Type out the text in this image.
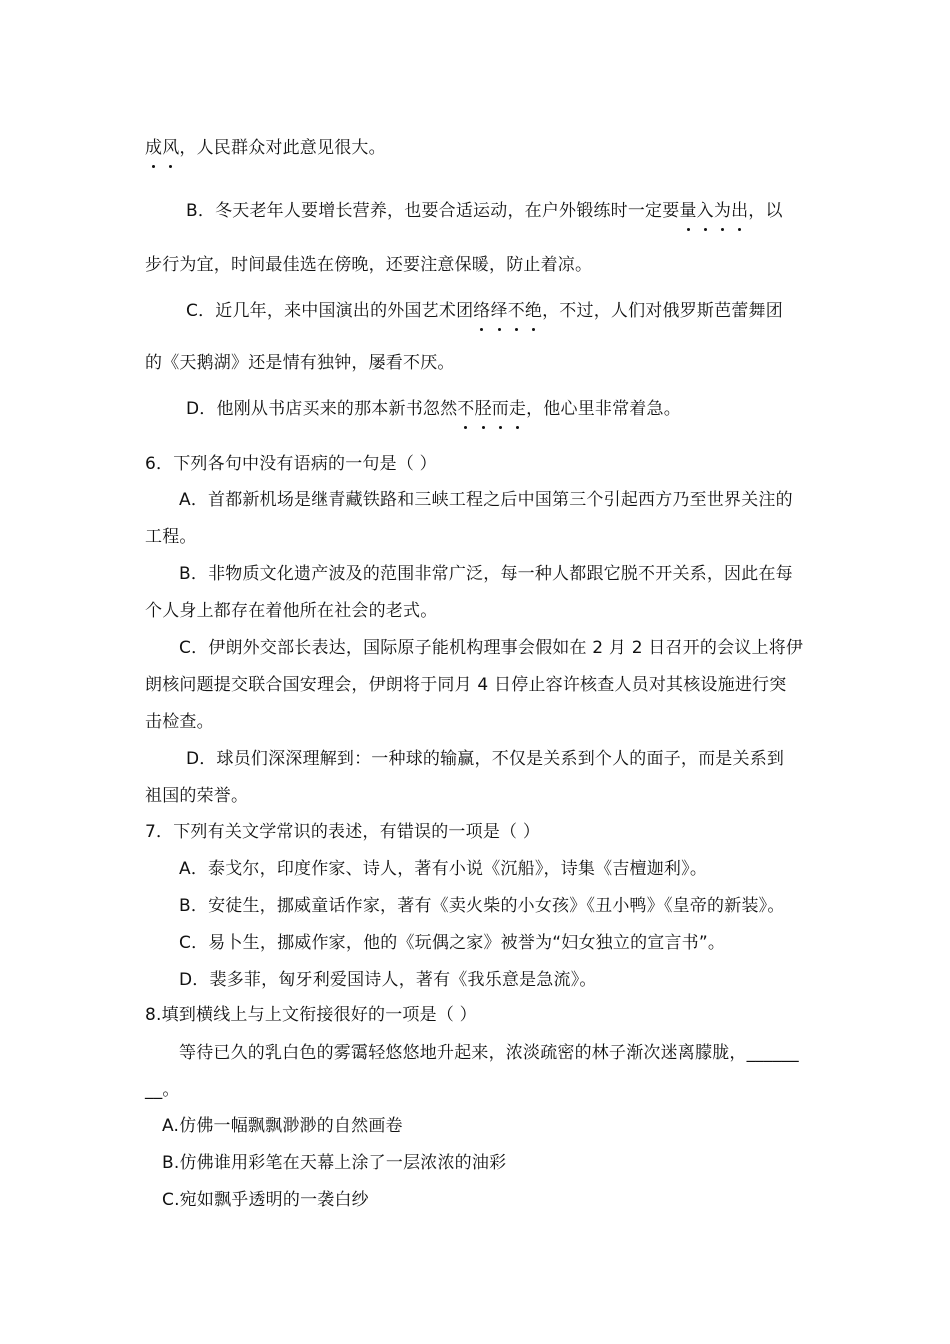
成风，人民群众对此意见很大。
B．冬天老年人要增长营养，也要合适运动，在户外锻练时一定要量入为出，以
步行为宜，时间最佳选在傍晚，还要注意保暖，防止着凉。
C．近几年，来中国演出的外国艺术团络绎不绝，不过，人们对俄罗斯芭蕾舞团
的《天鹅湖》还是情有独钟，屡看不厌。
D．他刚从书店买来的那本新书忽然不胫而走，他心里非常着急。
6．下列各句中没有语病的一句是（ ）
A．首都新机场是继青藏铁路和三峡工程之后中国第三个引起西方乃至世界关注的
工程。
B．非物质文化遗产波及的范围非常广泛，每一种人都跟它脱不开关系，因此在每
个人身上都存在着他所在社会的老式。
C．伊朗外交部长表达，国际原子能机构理事会假如在 2 月 2 日召开的会议上将伊
朗核问题提交联合国安理会，伊朗将于同月 4 日停止容许核查人员对其核设施进行突
击检查。
D．球员们深深理解到：一种球的输赢，不仅是关系到个人的面子，而是关系到
祖国的荣誉。
7．下列有关文学常识的表述，有错误的一项是（ ）
A．泰戈尔，印度作家、诗人，著有小说《沉船》，诗集《吉檀迦利》。
B．安徒生，挪威童话作家，著有《卖火柴的小女孩》《丑小鸭》《皇帝的新装》。
C．易卜生，挪威作家，他的《玩偶之家》被誉为“妇女独立的宣言书”。
D．裴多菲，匈牙利爱国诗人，著有《我乐意是急流》。
8.填到横线上与上文衔接很好的一项是（ ）
等待已久的乳白色的雾霭轻悠悠地升起来，浓淡疏密的林子渐次迷离朦胧，______
__。
A.仿佛一幅飘飘渺渺的自然画卷
B.仿佛谁用彩笔在天幕上涂了一层浓浓的油彩
C.宛如飘乎透明的一袭白纱
